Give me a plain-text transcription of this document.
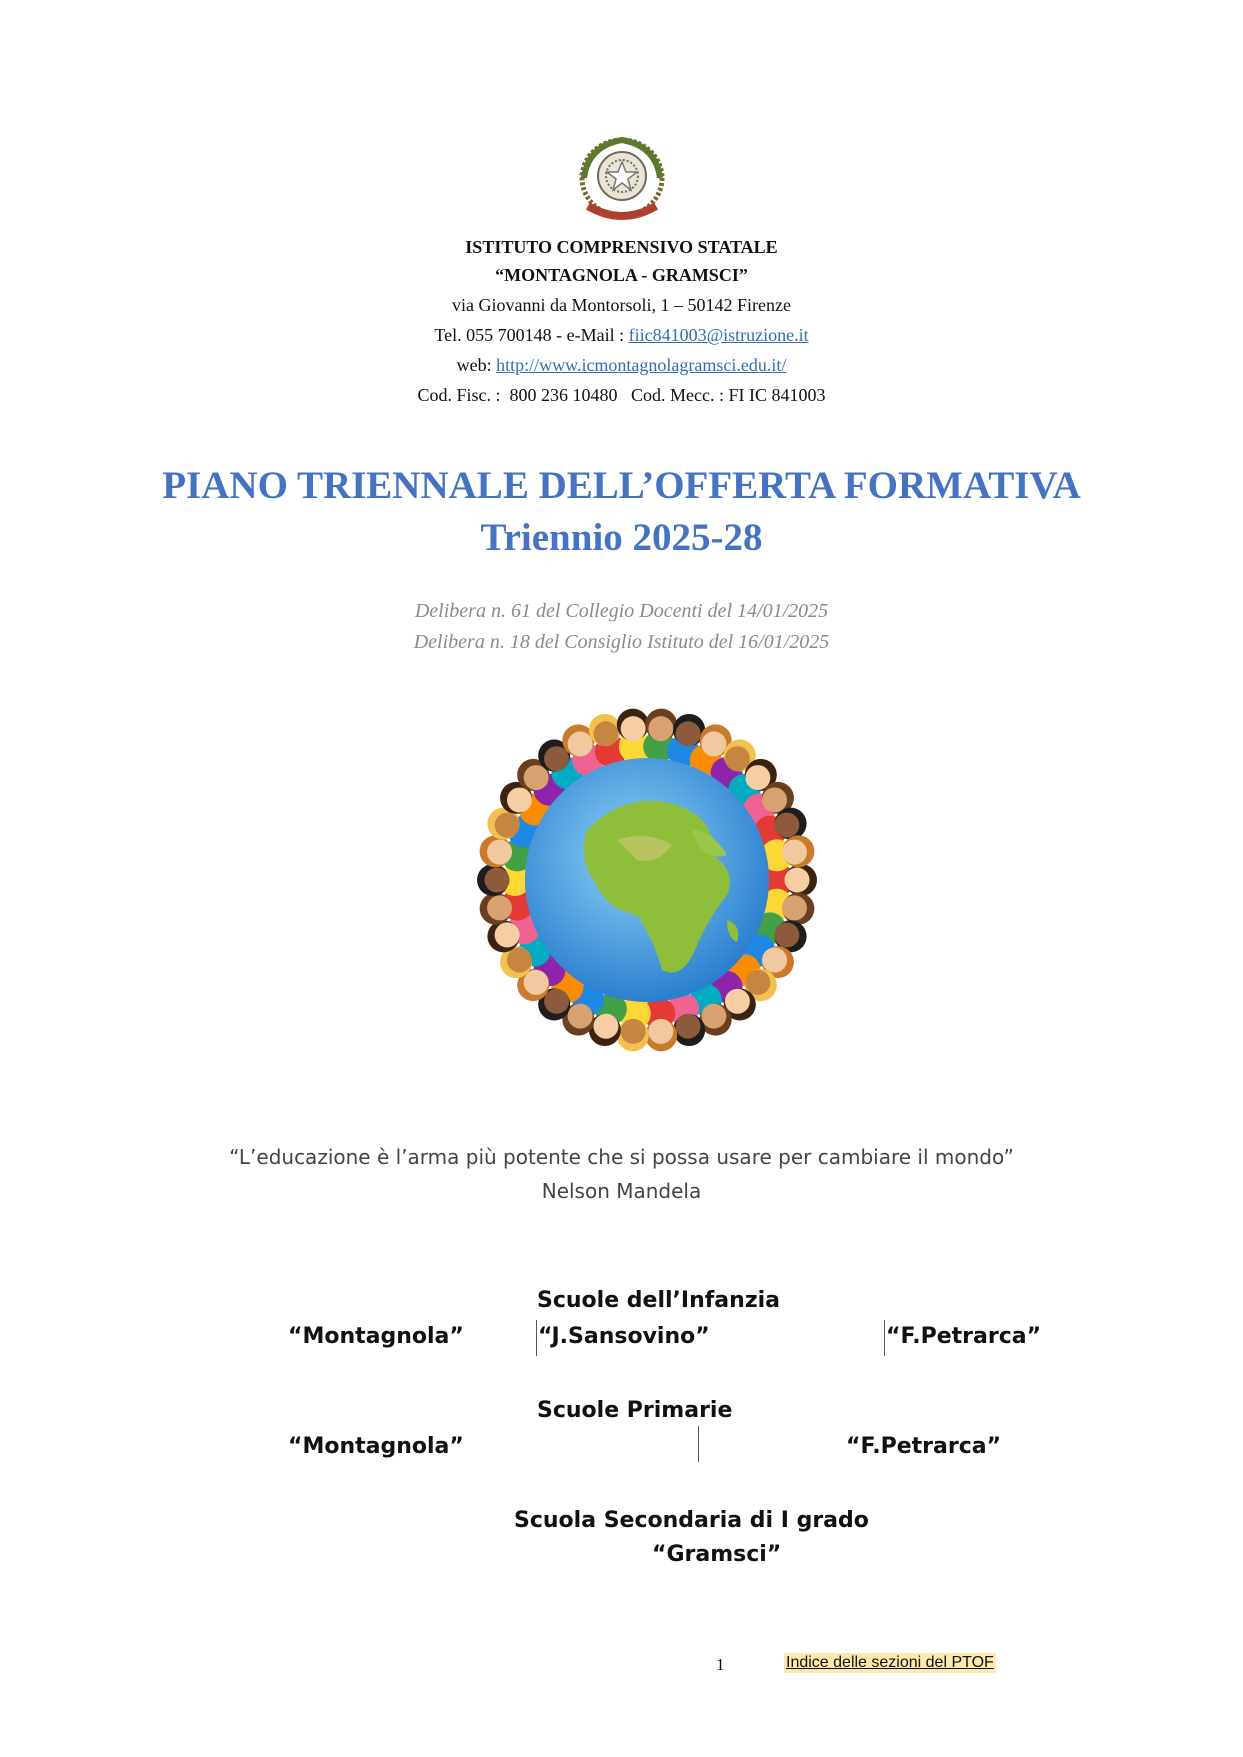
ISTITUTO COMPRENSIVO STATALE
“MONTAGNOLA - GRAMSCI”
via Giovanni da Montorsoli, 1 – 50142 Firenze
Tel. 055 700148 - e-Mail : fiic841003@istruzione.it
web: http://www.icmontagnolagramsci.edu.it/
Cod. Fisc. :  800 236 10480   Cod. Mecc. : FI IC 841003
PIANO TRIENNALE DELL’OFFERTA FORMATIVA
Triennio 2025-28
Delibera n. 61 del Collegio Docenti del 14/01/2025
Delibera n. 18 del Consiglio Istituto del 16/01/2025
“L’educazione è l’arma più potente che si possa usare per cambiare il mondo”
Nelson Mandela
Scuole dell’Infanzia
“Montagnola”	“J.Sansovino”	“F.Petrarca”
Scuole Primarie
“Montagnola”	“F.Petrarca”
Scuola Secondaria di I grado
“Gramsci”
1	Indice delle sezioni del PTOF
